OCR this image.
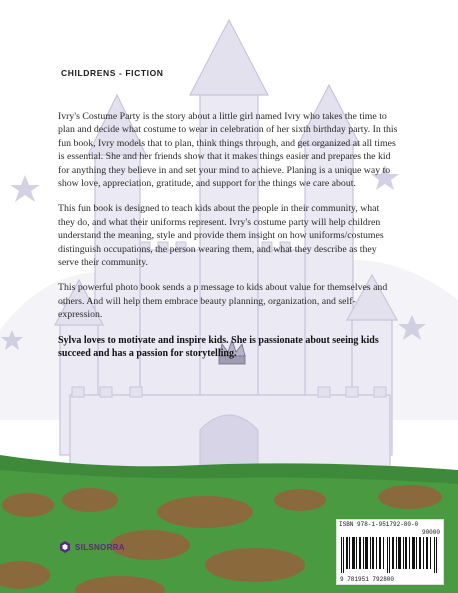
CHILDRENS - FICTION

Ivry's Costume Party is the story about a little girl named Ivry who takes the time to plan and decide what costume to wear in celebration of her sixth birthday party. In this fun book, Ivry models that to plan, think things through, and get organized at all times is essential. She and her friends show that it makes things easier and prepares the kid for anything they believe in and set your mind to achieve. Planing is a unique way to show love, appreciation, gratitude, and support for the things we care about.

This fun book is designed to teach kids about the people in their community, what they do, and what their uniforms represent. Ivry's costume party will help children understand the meaning, style and provide them insight on how uniforms/costumes distinguish occupations, the person wearing them, and what they describe as they serve their community.

This powerful photo book sends a p message to kids about value for themselves and others. And will help them embrace beauty planning, organization, and self-expression.

Sylva loves to motivate and inspire kids. She is passionate about seeing kids succeed and has a passion for storytelling.

ISBN 978-1-951792-80-0
90000
9 781951 792800
SILSNORRA
